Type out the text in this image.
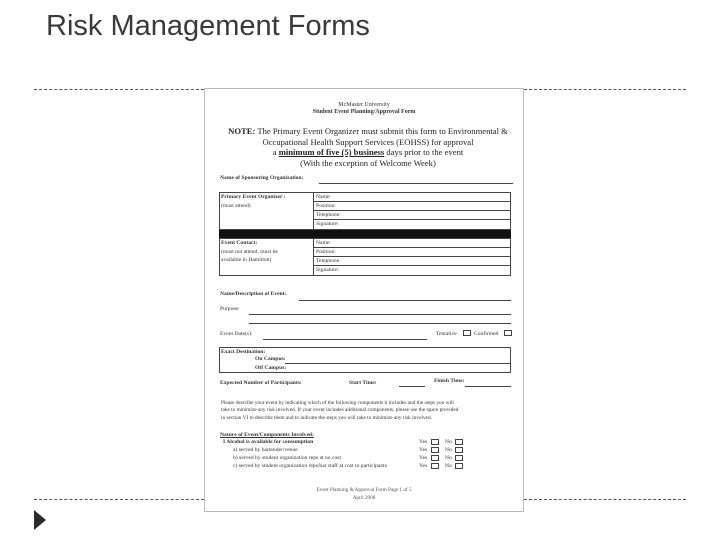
Risk Management Forms
McMaster University
Student Event Planning/Approval Form
NOTE: The Primary Event Organizer must submit this form to Environmental &
Occupational Health Support Services (EOHSS) for approval
a minimum of five (5) business days prior to the event
(With the exception of Welcome Week)
Name of Sponsoring Organization:
Primary Event Organizer :
(must attend)
Name:
Position:
Telephone:
Signature:
Event Contact:
(must not attend; must be
available in Hamilton)
Name:
Position:
Telephone:
Signature:
Name/Description of Event:
Purpose:
Event Date(s):	Tentative	Confirmed
Exact Destination:
On Campus:
Off Campus:
Expected Number of Participants:	Start Time:	Finish Time:
Please describe your event by indicating which of the following components it includes and the steps you will
take to minimize any risk involved. If your event includes additional components, please use the space provided
in section VI to describe them and to indicate the steps you will take to minimize any risk involved.
Nature of Event/Components Involved:
I Alcohol is available for consumption	Yes	No
a) served by bartender/venue	Yes	No
b) served by student organization reps at no cost	Yes	No
c) served by student organization reps/bar staff at cost to participants	Yes	No
Event Planning & Approval Form Page 1 of 5
April 2008
